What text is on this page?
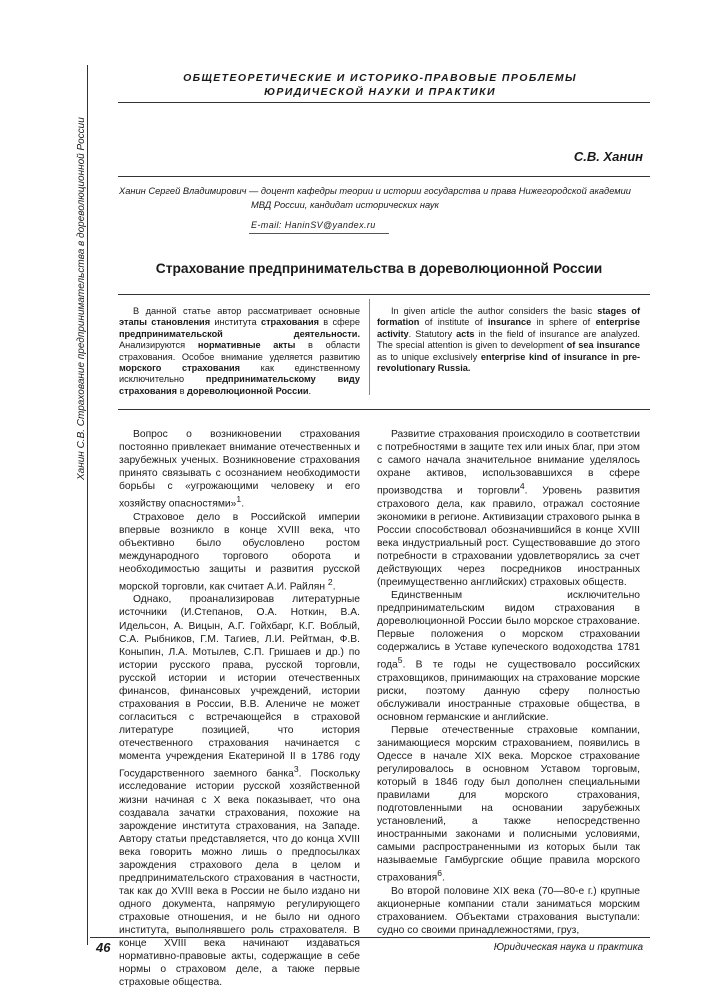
Ханин С.В. Страхование предпринимательства в дореволюционной России
ОБЩЕТЕОРЕТИЧЕСКИЕ И ИСТОРИКО-ПРАВОВЫЕ ПРОБЛЕМЫ
ЮРИДИЧЕСКОЙ НАУКИ И ПРАКТИКИ
С.В. Ханин
Ханин Сергей Владимирович — доцент кафедры теории и истории государства и права Нижегородской академии
МВД России, кандидат исторических наук
E-mail: HaninSV@yandex.ru
Страхование предпринимательства в дореволюционной России
В данной статье автор рассматривает основные этапы становления института страхования в сфере предпринимательской деятельности. Анализируются нормативные акты в области страхования. Особое внимание уделяется развитию морского страхования как единственному исключительно предпринимательскому виду страхования в дореволюционной России.
In given article the author considers the basic stages of formation of institute of insurance in sphere of enterprise activity. Statutory acts in the field of insurance are analyzed. The special attention is given to development of sea insurance as to unique exclusively enterprise kind of insurance in pre-revolutionary Russia.

Вопрос о возникновении страхования постоянно привлекает внимание отечественных и зарубежных ученых. Возникновение страхования принято связывать с осознанием необходимости борьбы с «угрожающими человеку и его хозяйству опасностями»$^1$.

Страховое дело в Российской империи впервые возникло в конце XVIII века, что объективно было обусловлено ростом международного торгового оборота и необходимостью защиты и развития русской морской торговли, как считает А.И. Райлян $^2$.

Однако, проанализировав литературные источники (И.Степанов, О.А. Ноткин, В.А. Идельсон, А. Вицын, А.Г. Гойхбарг, К.Г. Воблый, С.А. Рыбников, Г.М. Тагиев, Л.И. Рейтман, Ф.В. Коныпин, Л.А. Мотылев, С.П. Гришаев и др.) по истории русского права, русской торговли, русской истории и истории отечественных финансов, финансовых учреждений, истории страхования в России, В.В. Алениче не может согласиться с встречающейся в страховой литературе позицией, что история отечественного страхования начинается с момента учреждения Екатериной II в 1786 году Государственного заемного банка$^3$. Поскольку исследование истории русской хозяйственной жизни начиная с X века показывает, что она создавала зачатки страхования, похожие на зарождение института страхования, на Западе. Автору статьи представляется, что до конца XVIII века говорить можно лишь о предпосылках зарождения страхового дела в целом и предпринимательского страхования в частности, так как до XVIII века в России не было издано ни одного документа, напрямую регулирующего страховые отношения, и не было ни одного института, выполнявшего роль страхователя. В конце XVIII века начинают издаваться нормативно-правовые акты, содержащие в себе нормы о страховом деле, а также первые страховые общества.

Развитие страхования происходило в соответствии с потребностями в защите тех или иных благ, при этом с самого начала значительное внимание уделялось охране активов, использовавшихся в сфере производства и торговли$^4$. Уровень развития страхового дела, как правило, отражал состояние экономики в регионе. Активизации страхового рынка в России способствовал обозначившийся в конце XVIII века индустриальный рост. Существовавшие до этого потребности в страховании удовлетворялись за счет действующих через посредников иностранных (преимущественно английских) страховых обществ.

Единственным исключительно предпринимательским видом страхования в дореволюционной России было морское страхование. Первые положения о морском страховании содержались в Уставе купеческого водоходства 1781 года$^5$. В те годы не существовало российских страховщиков, принимающих на страхование морские риски, поэтому данную сферу полностью обслуживали иностранные страховые общества, в основном германские и английские.

Первые отечественные страховые компании, занимающиеся морским страхованием, появились в Одессе в начале XIX века. Морское страхование регулировалось в основном Уставом торговым, который в 1846 году был дополнен специальными правилами для морского страхования, подготовленными на основании зарубежных установлений, а также непосредственно иностранными законами и полисными условиями, самыми распространенными из которых были так называемые Гамбургские общие правила морского страхования$^6$.

Во второй половине XIX века (70—80-е г.) крупные акционерные компании стали заниматься морским страхованием. Объектами страхования выступали: судно со своими принадлежностями, груз,

46	Юридическая наука и практика
